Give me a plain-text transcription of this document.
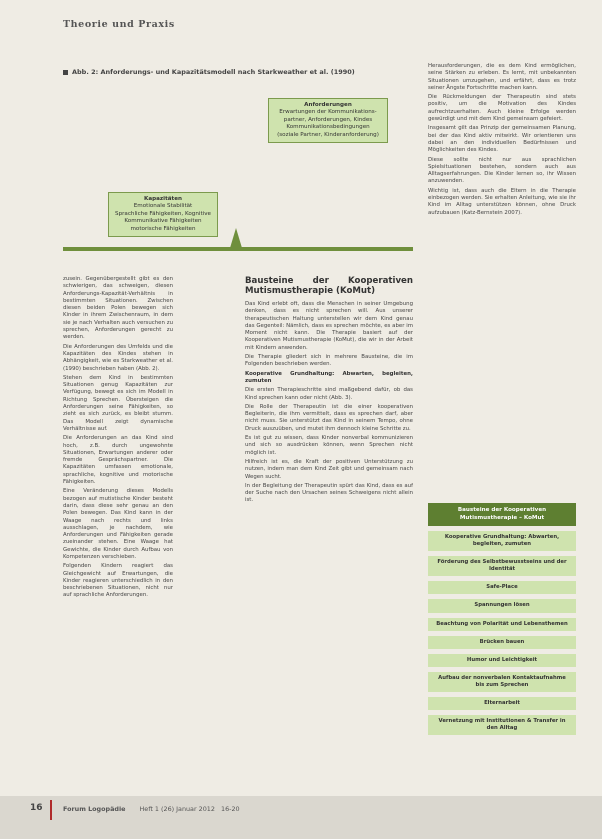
Theorie und Praxis
Abb. 2: Anforderungs- und Kapazitätsmodell nach Starkweather et al. (1990)
Anforderungen
Erwartungen der Kommunikations-
partner, Anforderungen, Kindes
Kommunikationsbedingungen
(soziale Partner, Kinderanforderung)
Kapazitäten
Emotionale Stabilität
Sprachliche Fähigkeiten, Kognitive
Kommunikative Fähigkeiten
motorische Fähigkeiten

zusein. Gegenübergestellt gibt es den schwierigen, das schweigen, diesen Anforderungs-Kapazität-Verhältnis in bestimmten Situationen. Zwischen diesen beiden Polen bewegen sich Kinder in ihrem Zwischenraum, in dem sie je nach Verhalten auch versuchen zu sprechen, Anforderungen gerecht zu werden.

Die Anforderungen des Umfelds und die Kapazitäten des Kindes stehen in Abhängigkeit, wie es Starkweather et al. (1990) beschrieben haben (Abb. 2).

Stehen dem Kind in bestimmten Situationen genug Kapazitäten zur Verfügung, bewegt es sich im Modell in Richtung Sprechen. Übersteigen die Anforderungen seine Fähigkeiten, so zieht es sich zurück, es bleibt stumm. Das Modell zeigt dynamische Verhältnisse auf.

Die Anforderungen an das Kind sind hoch, z.B. durch ungewohnte Situationen, Erwartungen anderer oder fremde Gesprächspartner. Die Kapazitäten umfassen emotionale, sprachliche, kognitive und motorische Fähigkeiten.

Eine Veränderung dieses Modells bezogen auf mutistische Kinder besteht darin, dass diese sehr genau an den Polen bewegen. Das Kind kann in der Waage nach rechts und links ausschlagen, je nachdem, wie Anforderungen und Fähigkeiten gerade zueinander stehen. Eine Waage hat Gewichte, die Kinder durch Aufbau von Kompetenzen verschieben.

Folgenden Kindern reagiert das Gleichgewicht auf Erwartungen, die Kinder reagieren unterschiedlich in den beschriebenen Situationen, nicht nur auf sprachliche Anforderungen.

Bausteine der Kooperativen Mutismustherapie (KoMut)

Das Kind erlebt oft, dass die Menschen in seiner Umgebung denken, dass es nicht sprechen will. Aus unserer therapeutischen Haltung unterstellen wir dem Kind genau das Gegenteil: Nämlich, dass es sprechen möchte, es aber im Moment nicht kann. Die Therapie basiert auf der Kooperativen Mutismustherapie (KoMut), die wir in der Arbeit mit Kindern anwenden.

Die Therapie gliedert sich in mehrere Bausteine, die im Folgenden beschrieben werden.

Kooperative Grundhaltung: Abwarten, begleiten, zumuten

Die ersten Therapieschritte sind maßgebend dafür, ob das Kind sprechen kann oder nicht (Abb. 3).

Die Rolle der Therapeutin ist die einer kooperativen Begleiterin, die ihm vermittelt, dass es sprechen darf, aber nicht muss. Sie unterstützt das Kind in seinem Tempo, ohne Druck auszuüben, und mutet ihm dennoch kleine Schritte zu.

Es ist gut zu wissen, dass Kinder nonverbal kommunizieren und sich so ausdrücken können, wenn Sprechen nicht möglich ist.

Hilfreich ist es, die Kraft der positiven Unterstützung zu nutzen, indem man dem Kind Zeit gibt und gemeinsam nach Wegen sucht.

In der Begleitung der Therapeutin spürt das Kind, dass es auf der Suche nach den Ursachen seines Schweigens nicht allein ist.

Herausforderungen, die es dem Kind ermöglichen, seine Stärken zu erleben. Es lernt, mit unbekannten Situationen umzugehen, und erfährt, dass es trotz seiner Ängste Fortschritte machen kann.

Die Rückmeldungen der Therapeutin sind stets positiv, um die Motivation des Kindes aufrechtzuerhalten. Auch kleine Erfolge werden gewürdigt und mit dem Kind gemeinsam gefeiert.

Insgesamt gilt das Prinzip der gemeinsamen Planung, bei der das Kind aktiv mitwirkt. Wir orientieren uns dabei an den individuellen Bedürfnissen und Möglichkeiten des Kindes.

Diese sollte nicht nur aus sprachlichen Spielsituationen bestehen, sondern auch aus Alltagserfahrungen. Die Kinder lernen so, ihr Wissen anzuwenden.

Wichtig ist, dass auch die Eltern in die Therapie einbezogen werden. Sie erhalten Anleitung, wie sie ihr Kind im Alltag unterstützen können, ohne Druck aufzubauen (Katz-Bernstein 2007).

Bausteine der Kooperativen Mutismustherapie – KoMut
Kooperative Grundhaltung: Abwarten, begleiten, zumuten
Förderung des Selbstbewusstseins und der Identität
Safe-Place
Spannungen lösen
Beachtung von Polarität und Lebensthemen
Brücken bauen
Humor und Leichtigkeit
Aufbau der nonverbalen Kontaktaufnahme bis zum Sprechen
Elternarbeit
Vernetzung mit Institutionen & Transfer in den Alltag
16	Forum Logopädie Heft 1 (26) Januar 2012 16-20
